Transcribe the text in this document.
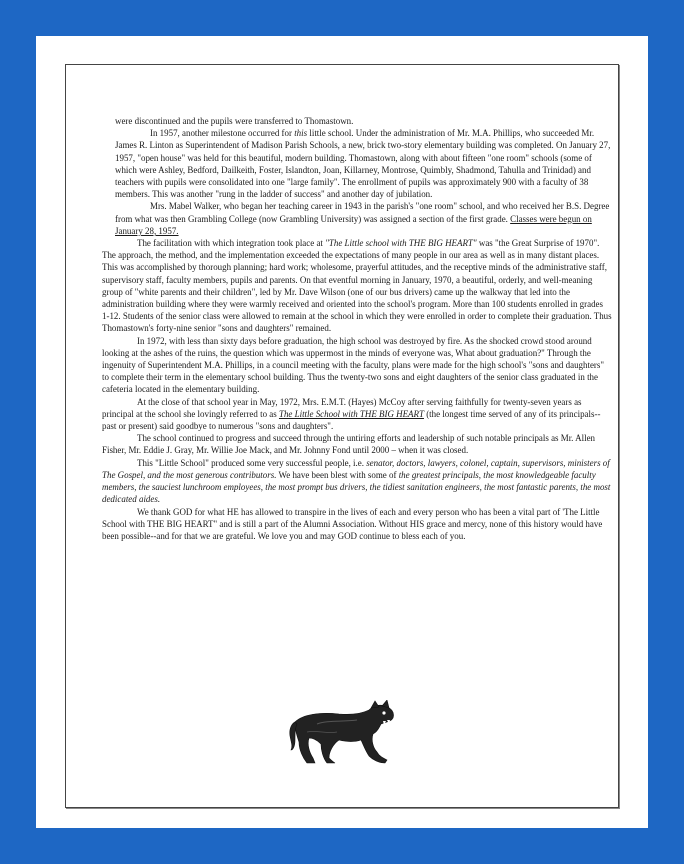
were discontinued and the pupils were transferred to Thomastown.

In 1957, another milestone occurred for this little school. Under the administration of Mr. M.A. Phillips, who succeeded Mr. James R. Linton as Superintendent of Madison Parish Schools, a new, brick two-story elementary building was completed. On January 27, 1957, "open house" was held for this beautiful, modern building. Thomastown, along with about fifteen "one room" schools (some of which were Ashley, Bedford, Dailkeith, Foster, Islandton, Joan, Killarney, Montrose, Quimbly, Shadmond, Tahulla and Trinidad) and teachers with pupils were consolidated into one "large family". The enrollment of pupils was approximately 900 with a faculty of 38 members. This was another "rung in the ladder of success" and another day of jubilation.

Mrs. Mabel Walker, who began her teaching career in 1943 in the parish's "one room" school, and who received her B.S. Degree from what was then Grambling College (now Grambling University) was assigned a section of the first grade. Classes were begun on January 28, 1957.

The facilitation with which integration took place at "The Little school with THE BIG HEART" was "the Great Surprise of 1970". The approach, the method, and the implementation exceeded the expectations of many people in our area as well as in many distant places. This was accomplished by thorough planning; hard work; wholesome, prayerful attitudes, and the receptive minds of the administrative staff, supervisory staff, faculty members, pupils and parents. On that eventful morning in January, 1970, a beautiful, orderly, and well-meaning group of "white parents and their children", led by Mr. Dave Wilson (one of our bus drivers) came up the walkway that led into the administration building where they were warmly received and oriented into the school's program. More than 100 students enrolled in grades 1-12. Students of the senior class were allowed to remain at the school in which they were enrolled in order to complete their graduation. Thus Thomastown's forty-nine senior "sons and daughters" remained.

In 1972, with less than sixty days before graduation, the high school was destroyed by fire. As the shocked crowd stood around looking at the ashes of the ruins, the question which was uppermost in the minds of everyone was, What about graduation?" Through the ingenuity of Superintendent M.A. Phillips, in a council meeting with the faculty, plans were made for the high school's "sons and daughters" to complete their term in the elementary school building. Thus the twenty-two sons and eight daughters of the senior class graduated in the cafeteria located in the elementary building.

At the close of that school year in May, 1972, Mrs. E.M.T. (Hayes) McCoy after serving faithfully for twenty-seven years as principal at the school she lovingly referred to as The Little School with THE BIG HEART (the longest time served of any of its principals--past or present) said goodbye to numerous "sons and daughters".

The school continued to progress and succeed through the untiring efforts and leadership of such notable principals as Mr. Allen Fisher, Mr. Eddie J. Gray, Mr. Willie Joe Mack, and Mr. Johnny Fond until 2000 – when it was closed.

This "Little School" produced some very successful people, i.e. senator, doctors, lawyers, colonel, captain, supervisors, ministers of The Gospel, and the most generous contributors. We have been blest with some of the greatest principals, the most knowledgeable faculty members, the sauciest lunchroom employees, the most prompt bus drivers, the tidiest sanitation engineers, the most fantastic parents, the most dedicated aides.

We thank GOD for what HE has allowed to transpire in the lives of each and every person who has been a vital part of 'The Little School with THE BIG HEART" and is still a part of the Alumni Association. Without HIS grace and mercy, none of this history would have been possible--and for that we are grateful. We love you and may GOD continue to bless each of you.
